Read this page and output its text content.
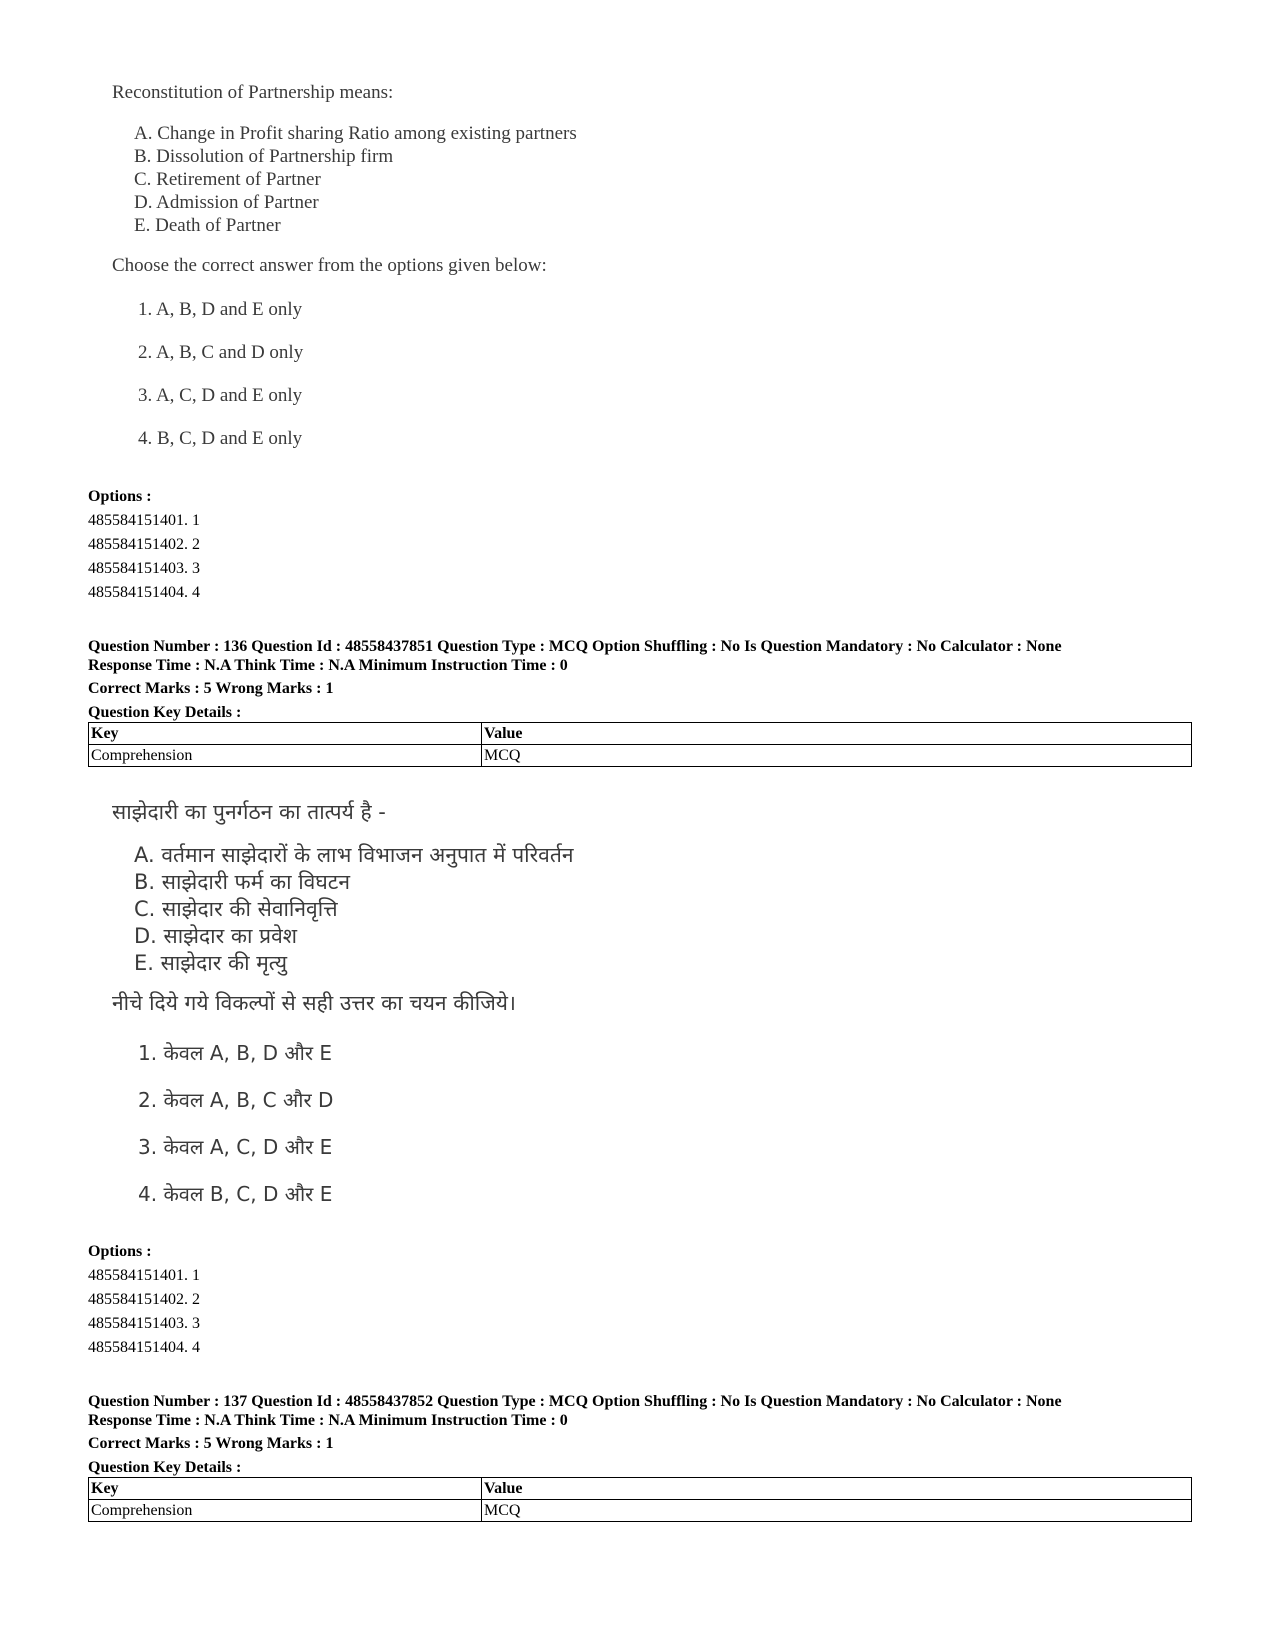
Reconstitution of Partnership means:

A. Change in Profit sharing Ratio among existing partners

B. Dissolution of Partnership firm

C. Retirement of Partner

D. Admission of Partner

E. Death of Partner

Choose the correct answer from the options given below:

1. A, B, D and E only

2. A, B, C and D only

3. A, C, D and E only

4. B, C, D and E only

Options :
485584151401. 1
485584151402. 2
485584151403. 3
485584151404. 4
Question Number : 136 Question Id : 48558437851 Question Type : MCQ Option Shuffling : No Is Question Mandatory : No Calculator : None
Response Time : N.A Think Time : N.A Minimum Instruction Time : 0
Correct Marks : 5 Wrong Marks : 1
Question Key Details :
Key	Value
Comprehension	MCQ

साझेदारी का पुनर्गठन का तात्पर्य है -

A. वर्तमान साझेदारों के लाभ विभाजन अनुपात में परिवर्तन

B. साझेदारी फर्म का विघटन

C. साझेदार की सेवानिवृत्ति

D. साझेदार का प्रवेश

E. साझेदार की मृत्यु

नीचे दिये गये विकल्पों से सही उत्तर का चयन कीजिये।

1. केवल A, B, D और E

2. केवल A, B, C और D

3. केवल A, C, D और E

4. केवल B, C, D और E

Options :
485584151401. 1
485584151402. 2
485584151403. 3
485584151404. 4
Question Number : 137 Question Id : 48558437852 Question Type : MCQ Option Shuffling : No Is Question Mandatory : No Calculator : None
Response Time : N.A Think Time : N.A Minimum Instruction Time : 0
Correct Marks : 5 Wrong Marks : 1
Question Key Details :
Key	Value
Comprehension	MCQ
